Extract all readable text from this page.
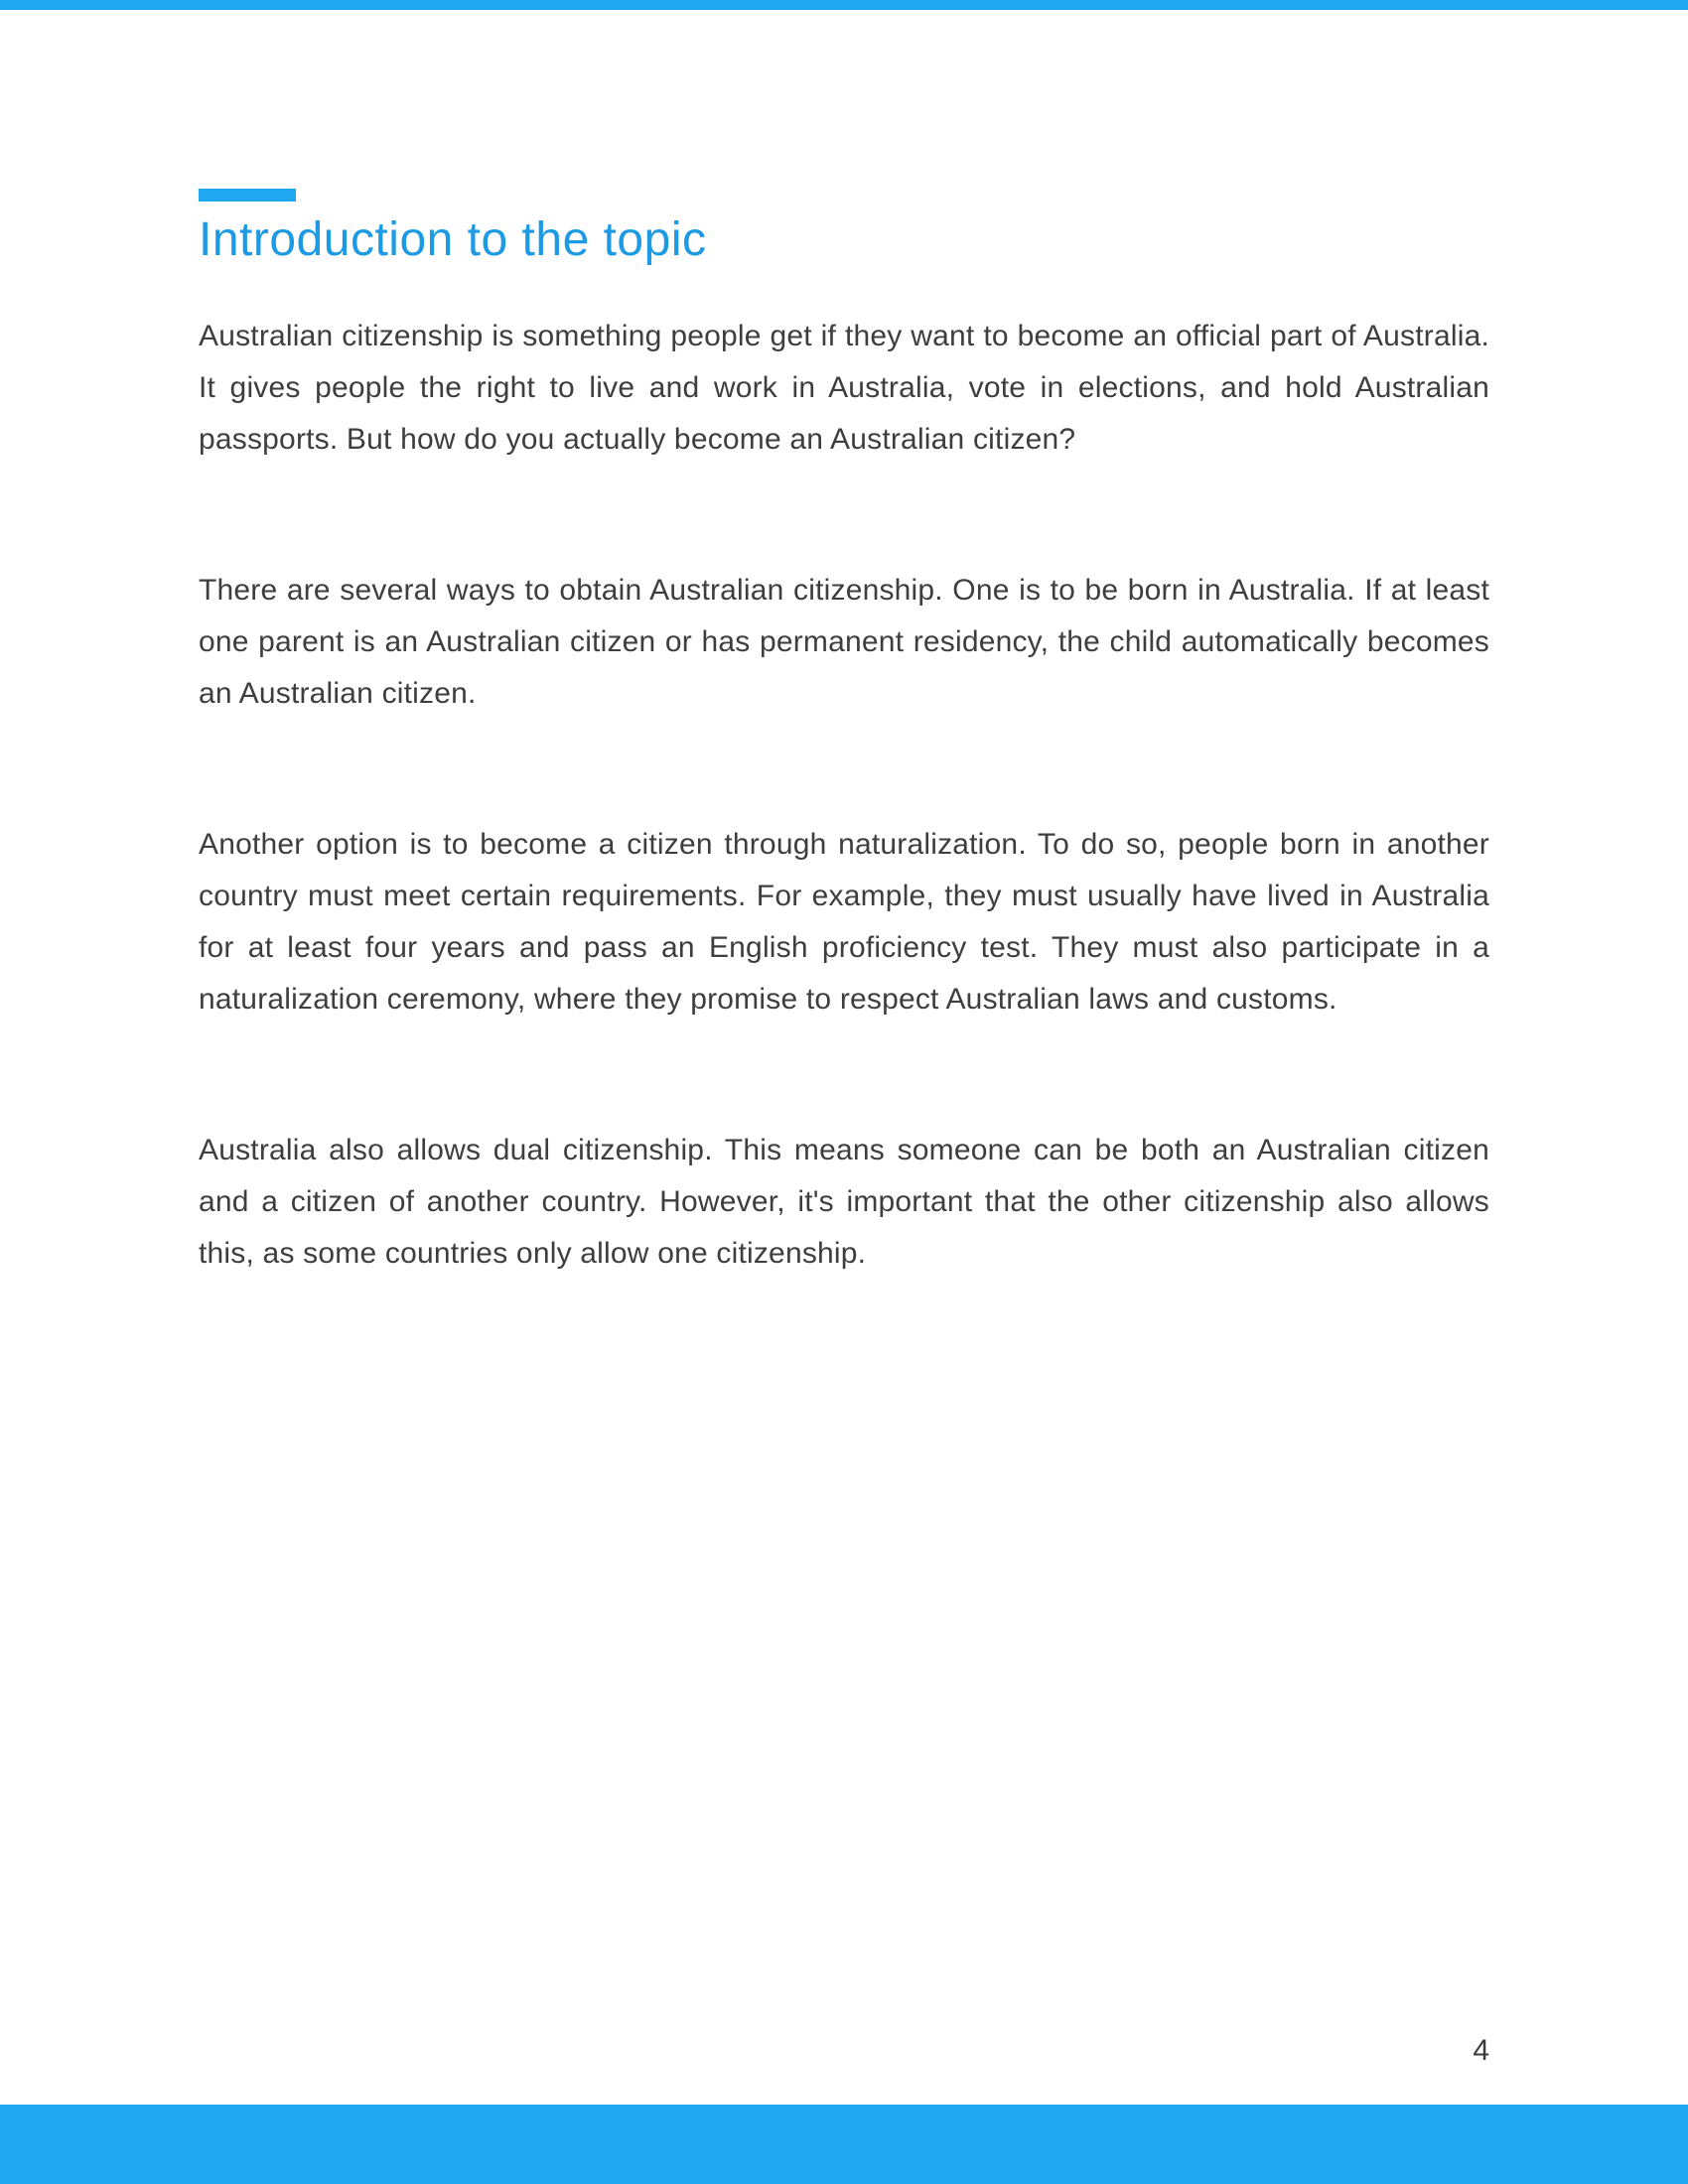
Introduction to the topic

Australian citizenship is something people get if they want to become an official part of Australia. It gives people the right to live and work in Australia, vote in elections, and hold Australian passports. But how do you actually become an Australian citizen?

There are several ways to obtain Australian citizenship. One is to be born in Australia. If at least one parent is an Australian citizen or has permanent residency, the child automatically becomes an Australian citizen.

Another option is to become a citizen through naturalization. To do so, people born in another country must meet certain requirements. For example, they must usually have lived in Australia for at least four years and pass an English proficiency test. They must also participate in a naturalization ceremony, where they promise to respect Australian laws and customs.

Australia also allows dual citizenship. This means someone can be both an Australian citizen and a citizen of another country. However, it's important that the other citizenship also allows this, as some countries only allow one citizenship.

4
